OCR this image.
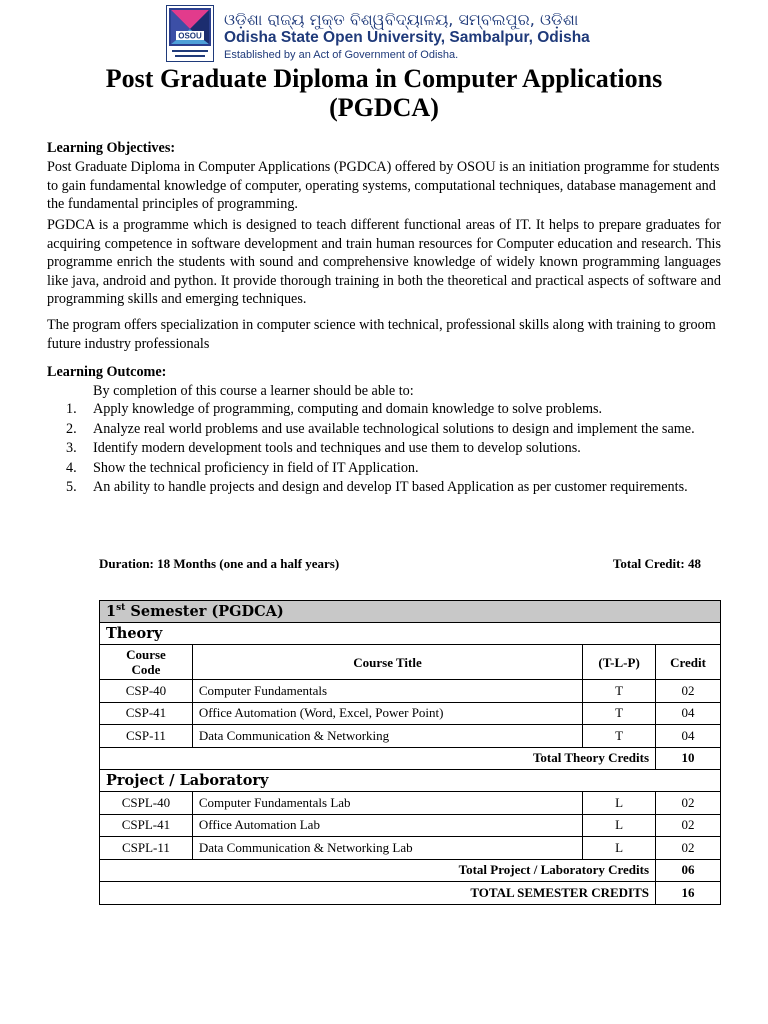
OSOU
ଓଡ଼ିଶା ରାଜ୍ୟ ମୁକ୍ତ ବିଶ୍ୱବିଦ୍ୟାଳୟ, ସମ୍ବଲପୁର, ଓଡ଼ିଶା
Odisha State Open University, Sambalpur, Odisha
Established by an Act of Government of Odisha.
Post Graduate Diploma in Computer Applications
(PGDCA)
Learning Objectives:
Post Graduate Diploma in Computer Applications (PGDCA) offered by OSOU is an initiation programme for students to gain fundamental knowledge of computer, operating systems, computational techniques, database management and the fundamental principles of programming.
PGDCA is a programme which is designed to teach different functional areas of IT. It helps to prepare graduates for acquiring competence in software development and train human resources for Computer education and research. This programme enrich the students with sound and comprehensive knowledge of widely known programming languages like java, android and python. It provide thorough training in both the theoretical and practical aspects of software and programming skills and emerging techniques.
The program offers specialization in computer science with technical, professional skills along with training to groom future industry professionals
Learning Outcome:
By completion of this course a learner should be able to:
1.	Apply knowledge of programming, computing and domain knowledge to solve problems.
2.	Analyze real world problems and use available technological solutions to design and implement the same.
3.	Identify modern development tools and techniques and use them to develop solutions.
4.	Show the technical proficiency in field of IT Application.
5.	An ability to handle projects and design and develop IT based Application as per customer requirements.
Duration: 18 Months (one and a half years)	Total Credit: 48
1st Semester (PGDCA)			
Theory			

Course
Code	Course Title	(T-L-P)	Credit
CSP-40	Computer Fundamentals	T	02
CSP-41	Office Automation (Word, Excel, Power Point)	T	04
CSP-11	Data Communication & Networking	T	04
Total Theory Credits			10
Project / Laboratory			
CSPL-40	Computer Fundamentals Lab	L	02
CSPL-41	Office Automation Lab	L	02
CSPL-11	Data Communication & Networking Lab	L	02
Total Project / Laboratory Credits			06
TOTAL SEMESTER CREDITS			16
